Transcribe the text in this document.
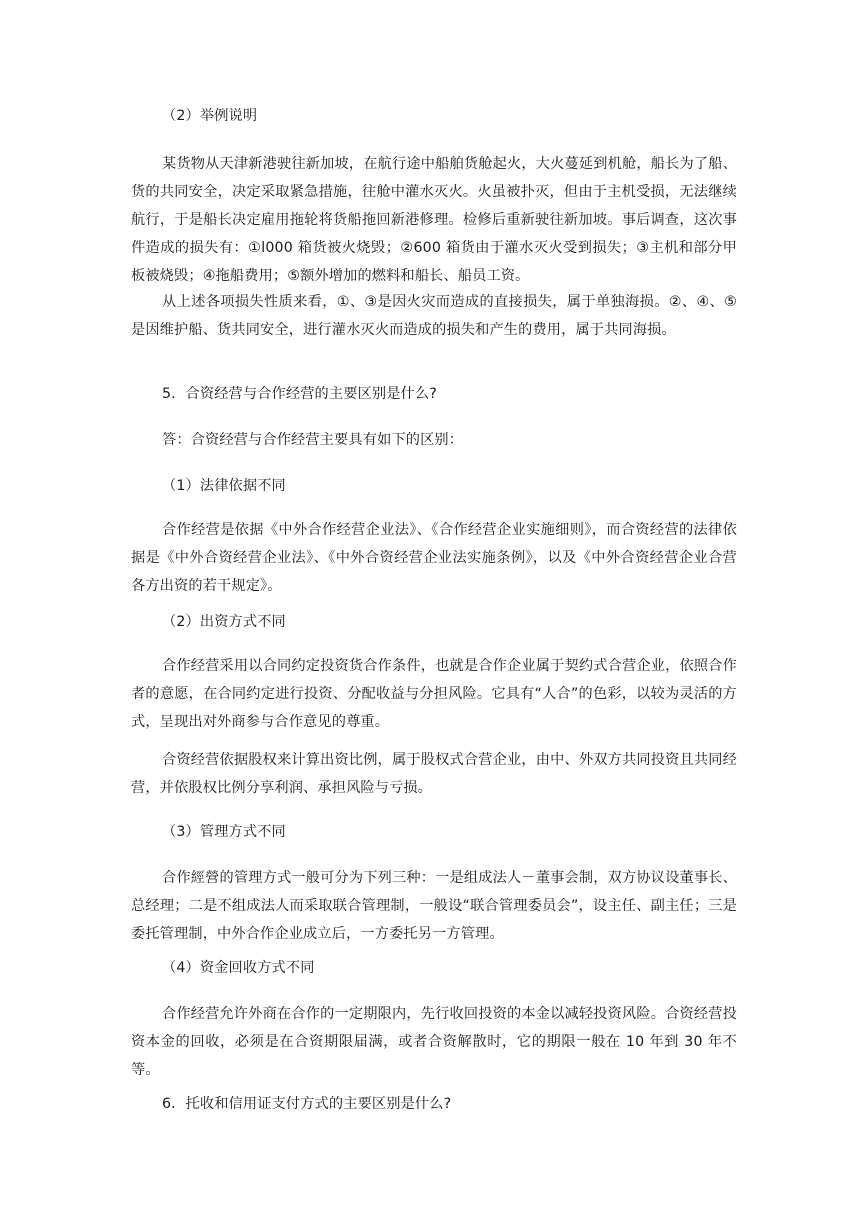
（2）举例说明

某货物从天津新港驶往新加坡，在航行途中船舶货舱起火，大火蔓延到机舱，船长为了船、货的共同安全，决定采取紧急措施，往舱中灌水灭火。火虽被扑灭，但由于主机受损，无法继续航行，于是船长决定雇用拖轮将货船拖回新港修理。检修后重新驶往新加坡。事后调查，这次事件造成的损失有：①l000 箱货被火烧毁；②600 箱货由于灌水灭火受到损失；③主机和部分甲板被烧毁；④拖船费用；⑤额外增加的燃料和船长、船员工资。

从上述各项损失性质来看，①、③是因火灾而造成的直接损失，属于单独海损。②、④、⑤是因维护船、货共同安全，进行灌水灭火而造成的损失和产生的费用，属于共同海损。

5．合资经营与合作经营的主要区别是什么?

答：合资经营与合作经营主要具有如下的区别：

（1）法律依据不同

合作经营是依据《中外合作经营企业法》、《合作经营企业实施细则》，而合资经营的法律依据是《中外合资经营企业法》、《中外合资经营企业法实施条例》，以及《中外合资经营企业合营各方出资的若干规定》。

（2）出资方式不同

合作经营采用以合同约定投资货合作条件，也就是合作企业属于契约式合营企业，依照合作者的意愿，在合同约定进行投资、分配收益与分担风险。它具有“人合”的色彩，以较为灵活的方式，呈现出对外商参与合作意见的尊重。

合资经营依据股权来计算出资比例，属于股权式合营企业，由中、外双方共同投资且共同经营，并依股权比例分享利润、承担风险与亏损。

（3）管理方式不同

合作經營的管理方式一般可分为下列三种：一是组成法人－董事会制，双方协议设董事长、总经理；二是不组成法人而采取联合管理制，一般设“联合管理委员会”，设主任、副主任；三是委托管理制，中外合作企业成立后，一方委托另一方管理。

（4）资金回收方式不同

合作经营允许外商在合作的一定期限内，先行收回投资的本金以减轻投资风险。合资经营投资本金的回收，必须是在合资期限届满，或者合资解散时，它的期限一般在 10 年到 30 年不等。

6．托收和信用证支付方式的主要区别是什么?
